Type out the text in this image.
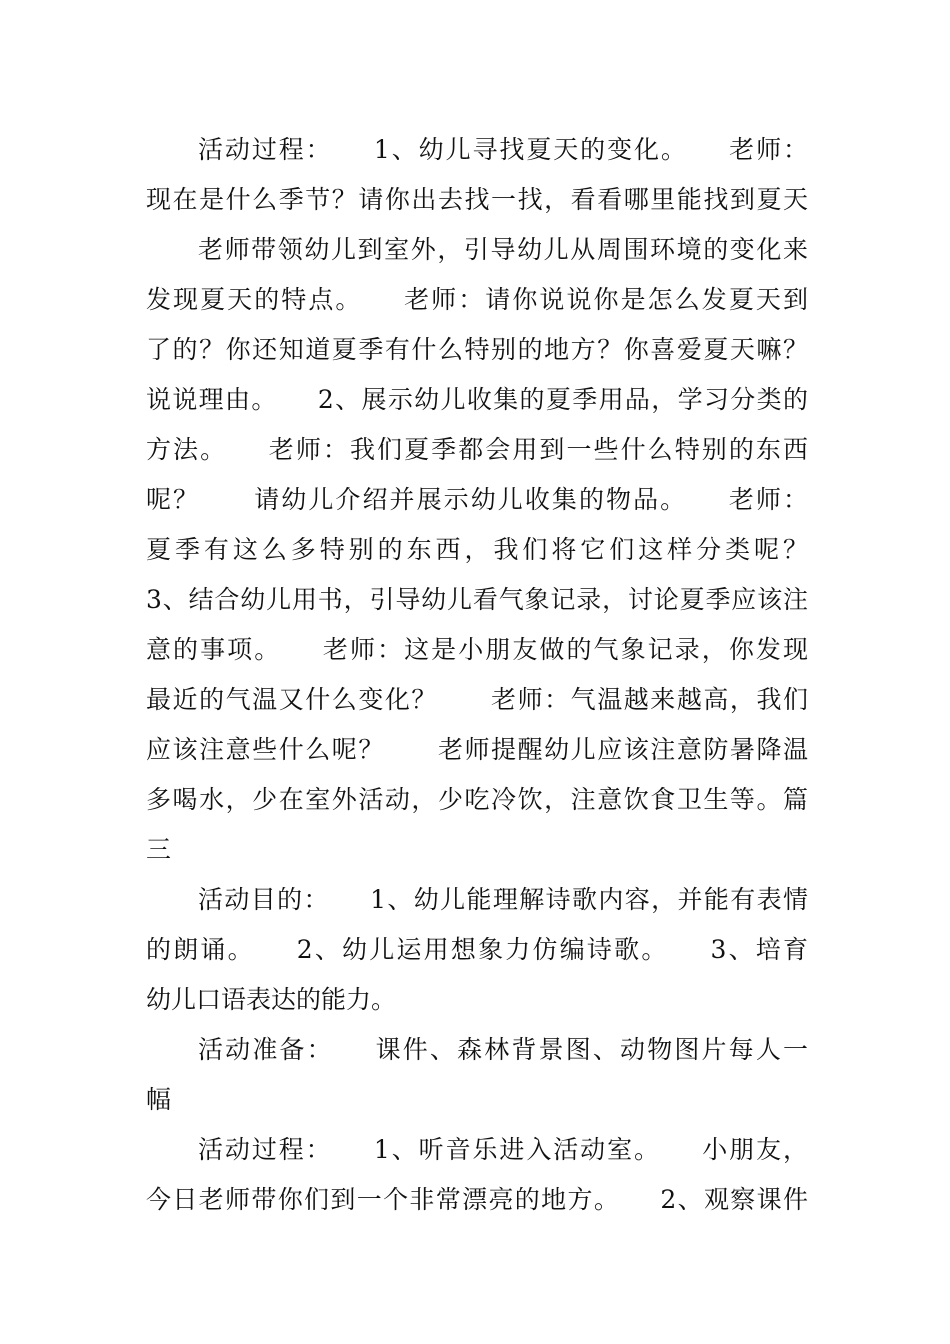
活动过程：　　1、幼儿寻找夏天的变化。　　老师：
现在是什么季节？请你出去找一找，看看哪里能找到夏天
老师带领幼儿到室外，引导幼儿从周围环境的变化来
发现夏天的特点。　　老师：请你说说你是怎么发夏天到
了的？你还知道夏季有什么特别的地方？你喜爱夏天嘛？
说说理由。　　2、展示幼儿收集的夏季用品，学习分类的
方法。　　老师：我们夏季都会用到一些什么特别的东西
呢？　　请幼儿介绍并展示幼儿收集的物品。　　老师：
夏季有这么多特别的东西，我们将它们这样分类呢？
3、结合幼儿用书，引导幼儿看气象记录，讨论夏季应该注
意的事项。　　老师：这是小朋友做的气象记录，你发现
最近的气温又什么变化？　　老师：气温越来越高，我们
应该注意些什么呢？　　老师提醒幼儿应该注意防暑降温
多喝水，少在室外活动，少吃冷饮，注意饮食卫生等。篇
三
活动目的：　　1、幼儿能理解诗歌内容，并能有表情
的朗诵。　　2、幼儿运用想象力仿编诗歌。　　3、培育
幼儿口语表达的能力。
活动准备：　　课件、森林背景图、动物图片每人一
幅
活动过程：　　1、听音乐进入活动室。　　小朋友，
今日老师带你们到一个非常漂亮的地方。　　2、观察课件
